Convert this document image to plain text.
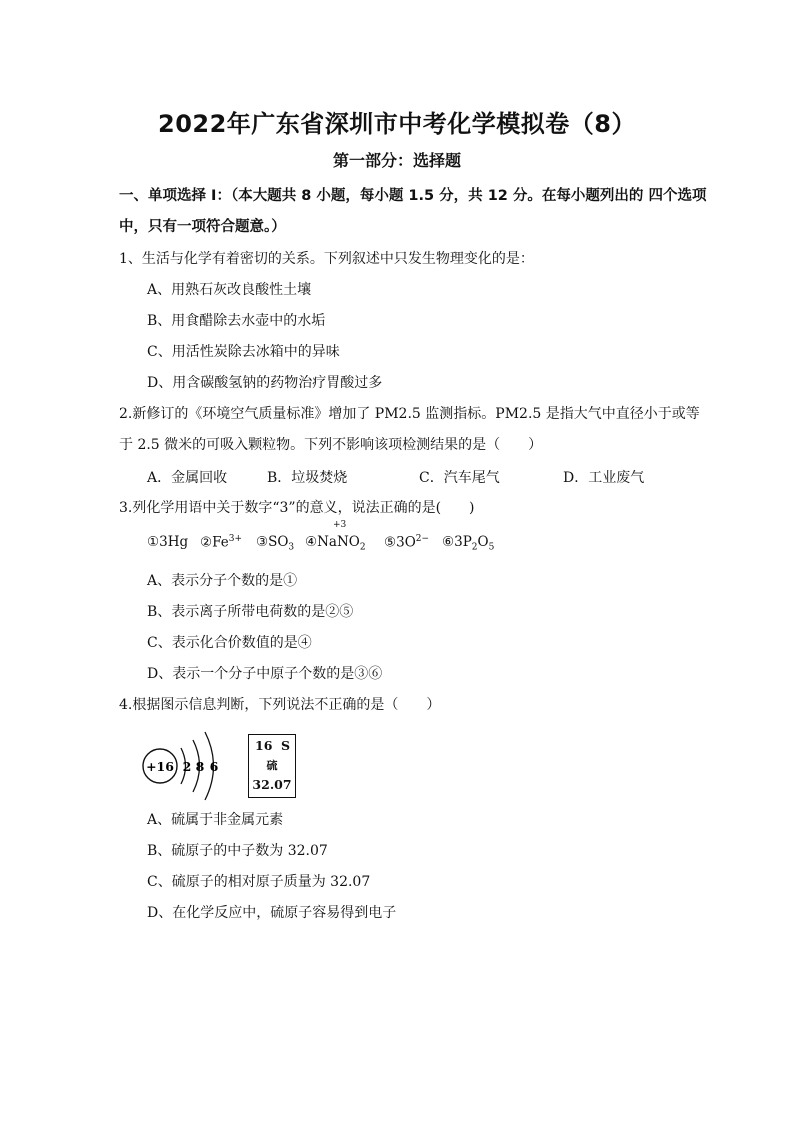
2022年广东省深圳市中考化学模拟卷（8）
第一部分：选择题
一、单项选择 I：（本大题共 8 小题，每小题 1.5 分，共 12 分。在每小题列出的 四个选项
中，只有一项符合题意。）
1、生活与化学有着密切的关系。下列叙述中只发生物理变化的是：
A、用熟石灰改良酸性土壤
B、用食醋除去水壶中的水垢
C、用活性炭除去冰箱中的异味
D、用含碳酸氢钠的药物治疗胃酸过多
2.新修订的《环境空气质量标准》增加了 PM2.5 监测指标。PM2.5 是指大气中直径小于或等
于 2.5 微米的可吸入颗粒物。下列不影响该项检测结果的是（　　）
A．金属回收	B．垃圾焚烧	C．汽车尾气	D．工业废气
3.列化学用语中关于数字“3”的意义，说法正确的是(　　)
①3Hg $②Fe^{3+}$ $③SO_3$ ④NaNO$_2$
+3
$⑤3O^{2-}$ $⑥3P_2O_5$
A、表示分子个数的是①
B、表示离子所带电荷数的是②⑤
C、表示化合价数值的是④
D、表示一个分子中原子个数的是③⑥
4.根据图示信息判断，下列说法不正确的是（　　）
+16 2 8 6
16 S
硫
32.07
A、硫属于非金属元素
B、硫原子的中子数为 32.07
C、硫原子的相对原子质量为 32.07
D、在化学反应中，硫原子容易得到电子
